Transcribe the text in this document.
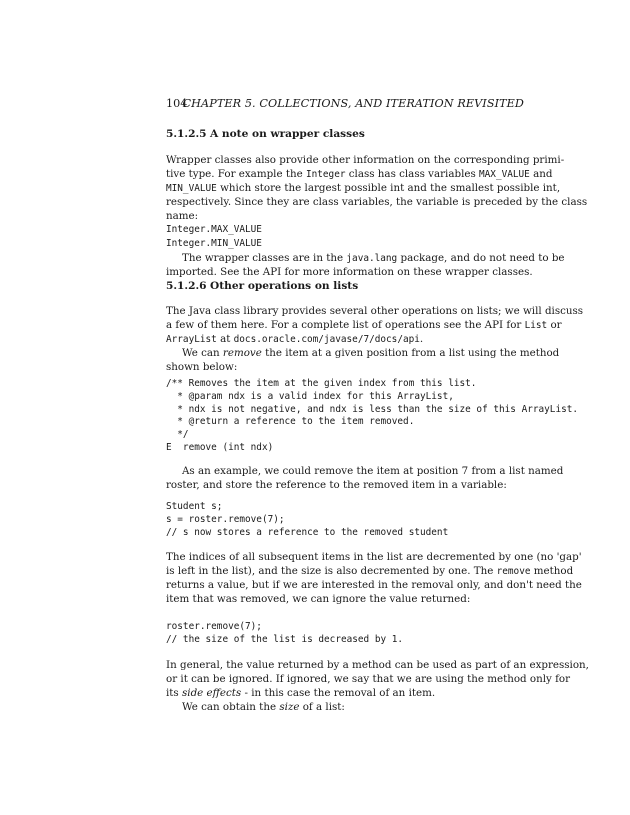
104
CHAPTER 5. COLLECTIONS, AND ITERATION REVISITED
5.1.2.5 A note on wrapper classes
Wrapper classes also provide other information on the corresponding primi-
tive type. For example the Integer class has class variables MAX_VALUE and
MIN_VALUE which store the largest possible int and the smallest possible int,
respectively. Since they are class variables, the variable is preceded by the class
name:
Integer.MAX_VALUE
Integer.MIN_VALUE
The wrapper classes are in the java.lang package, and do not need to be
imported. See the API for more information on these wrapper classes.
5.1.2.6 Other operations on lists
The Java class library provides several other operations on lists; we will discuss
a few of them here. For a complete list of operations see the API for List or
ArrayList at docs.oracle.com/javase/7/docs/api.
We can remove the item at a given position from a list using the method
shown below:
/** Removes the item at the given index from this list.
* @param ndx is a valid index for this ArrayList,
* ndx is not negative, and ndx is less than the size of this ArrayList.
* @return a reference to the item removed.
*/
E  remove (int ndx)
As an example, we could remove the item at position 7 from a list named
roster, and store the reference to the removed item in a variable:
Student s;
s = roster.remove(7);
// s now stores a reference to the removed student
The indices of all subsequent items in the list are decremented by one (no 'gap'
is left in the list), and the size is also decremented by one. The remove method
returns a value, but if we are interested in the removal only, and don't need the
item that was removed, we can ignore the value returned:
roster.remove(7);
// the size of the list is decreased by 1.
In general, the value returned by a method can be used as part of an expression,
or it can be ignored. If ignored, we say that we are using the method only for
its side effects - in this case the removal of an item.
We can obtain the size of a list:
